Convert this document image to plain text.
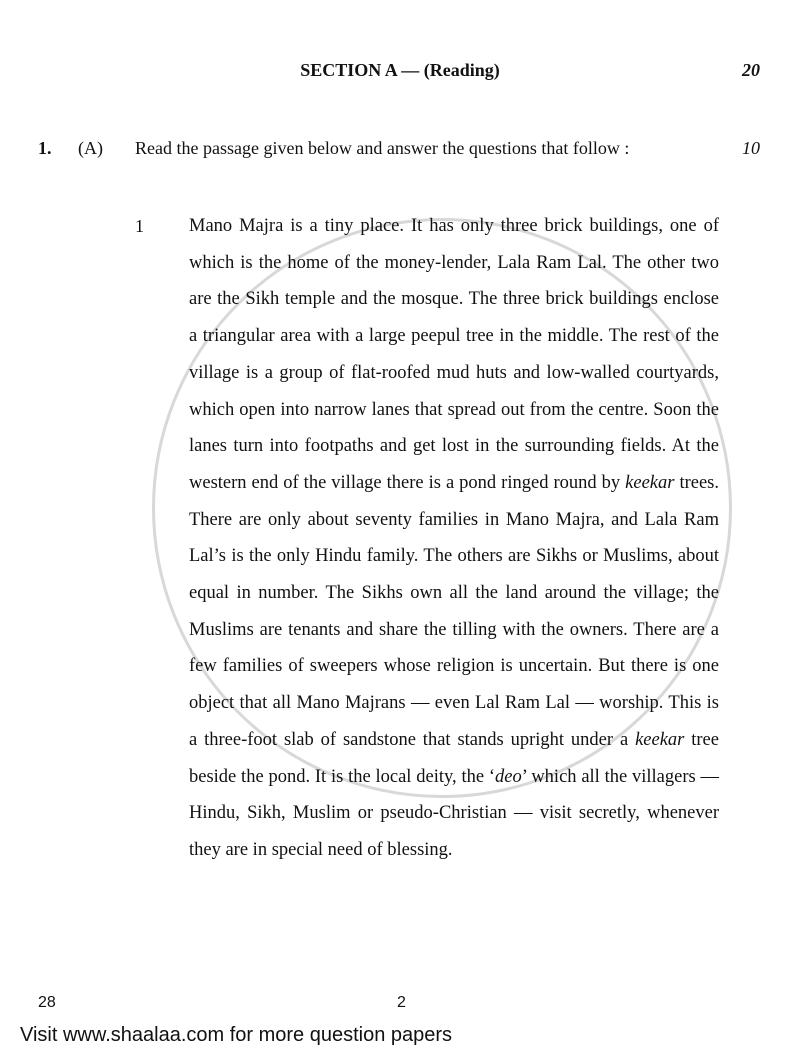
SECTION A — (Reading)	20
1. (A) Read the passage given below and answer the questions that follow :	10
1 Mano Majra is a tiny place. It has only three brick buildings, one of which is the home of the money-lender, Lala Ram Lal. The other two are the Sikh temple and the mosque. The three brick buildings enclose a triangular area with a large peepul tree in the middle. The rest of the village is a group of flat-roofed mud huts and low-walled courtyards, which open into narrow lanes that spread out from the centre. Soon the lanes turn into footpaths and get lost in the surrounding fields. At the western end of the village there is a pond ringed round by keekar trees. There are only about seventy families in Mano Majra, and Lala Ram Lal’s is the only Hindu family. The others are Sikhs or Muslims, about equal in number. The Sikhs own all the land around the village; the Muslims are tenants and share the tilling with the owners. There are a few families of sweepers whose religion is uncertain. But there is one object that all Mano Majrans — even Lal Ram Lal — worship. This is a three-foot slab of sandstone that stands upright under a keekar tree beside the pond. It is the local deity, the ‘deo’ which all the villagers — Hindu, Sikh, Muslim or pseudo-Christian — visit secretly, whenever they are in special need of blessing.
28	2
Visit www.shaalaa.com for more question papers
